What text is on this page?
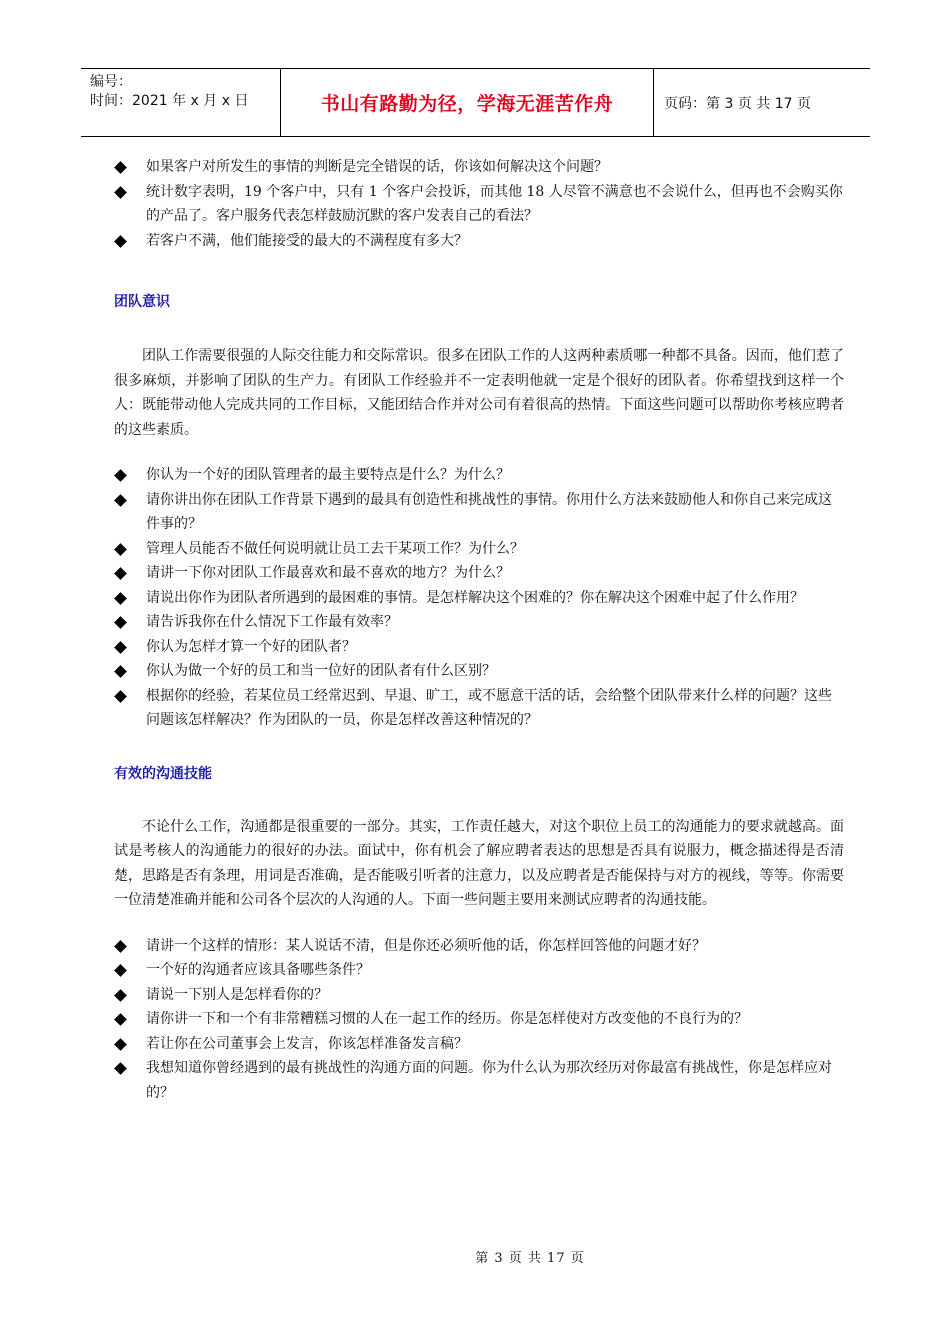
编号：
时间：2021 年 x 月 x 日	书山有路勤为径，学海无涯苦作舟	页码：第 3 页 共 17 页
如果客户对所发生的事情的判断是完全错误的话，你该如何解决这个问题？
统计数字表明，19 个客户中，只有 1 个客户会投诉，而其他 18 人尽管不满意也不会说什么，但再也不会购买你的产品了。客户服务代表怎样鼓励沉默的客户发表自己的看法？
若客户不满，他们能接受的最大的不满程度有多大？
团队意识

团队工作需要很强的人际交往能力和交际常识。很多在团队工作的人这两种素质哪一种都不具备。因而，他们惹了很多麻烦，并影响了团队的生产力。有团队工作经验并不一定表明他就一定是个很好的团队者。你希望找到这样一个人：既能带动他人完成共同的工作目标，又能团结合作并对公司有着很高的热情。下面这些问题可以帮助你考核应聘者的这些素质。

你认为一个好的团队管理者的最主要特点是什么？为什么？
请你讲出你在团队工作背景下遇到的最具有创造性和挑战性的事情。你用什么方法来鼓励他人和你自己来完成这件事的？
管理人员能否不做任何说明就让员工去干某项工作？为什么？
请讲一下你对团队工作最喜欢和最不喜欢的地方？为什么？
请说出你作为团队者所遇到的最困难的事情。是怎样解决这个困难的？你在解决这个困难中起了什么作用？
请告诉我你在什么情况下工作最有效率？
你认为怎样才算一个好的团队者？
你认为做一个好的员工和当一位好的团队者有什么区别？
根据你的经验，若某位员工经常迟到、早退、旷工，或不愿意干活的话，会给整个团队带来什么样的问题？这些问题该怎样解决？作为团队的一员，你是怎样改善这种情况的？
有效的沟通技能

不论什么工作，沟通都是很重要的一部分。其实，工作责任越大，对这个职位上员工的沟通能力的要求就越高。面试是考核人的沟通能力的很好的办法。面试中，你有机会了解应聘者表达的思想是否具有说服力，概念描述得是否清楚，思路是否有条理，用词是否准确，是否能吸引听者的注意力，以及应聘者是否能保持与对方的视线，等等。你需要一位清楚准确并能和公司各个层次的人沟通的人。下面一些问题主要用来测试应聘者的沟通技能。

请讲一个这样的情形：某人说话不清，但是你还必须听他的话，你怎样回答他的问题才好？
一个好的沟通者应该具备哪些条件？
请说一下别人是怎样看你的？
请你讲一下和一个有非常糟糕习惯的人在一起工作的经历。你是怎样使对方改变他的不良行为的？
若让你在公司董事会上发言，你该怎样准备发言稿？
我想知道你曾经遇到的最有挑战性的沟通方面的问题。你为什么认为那次经历对你最富有挑战性，你是怎样应对的？
第 3 页 共 17 页
